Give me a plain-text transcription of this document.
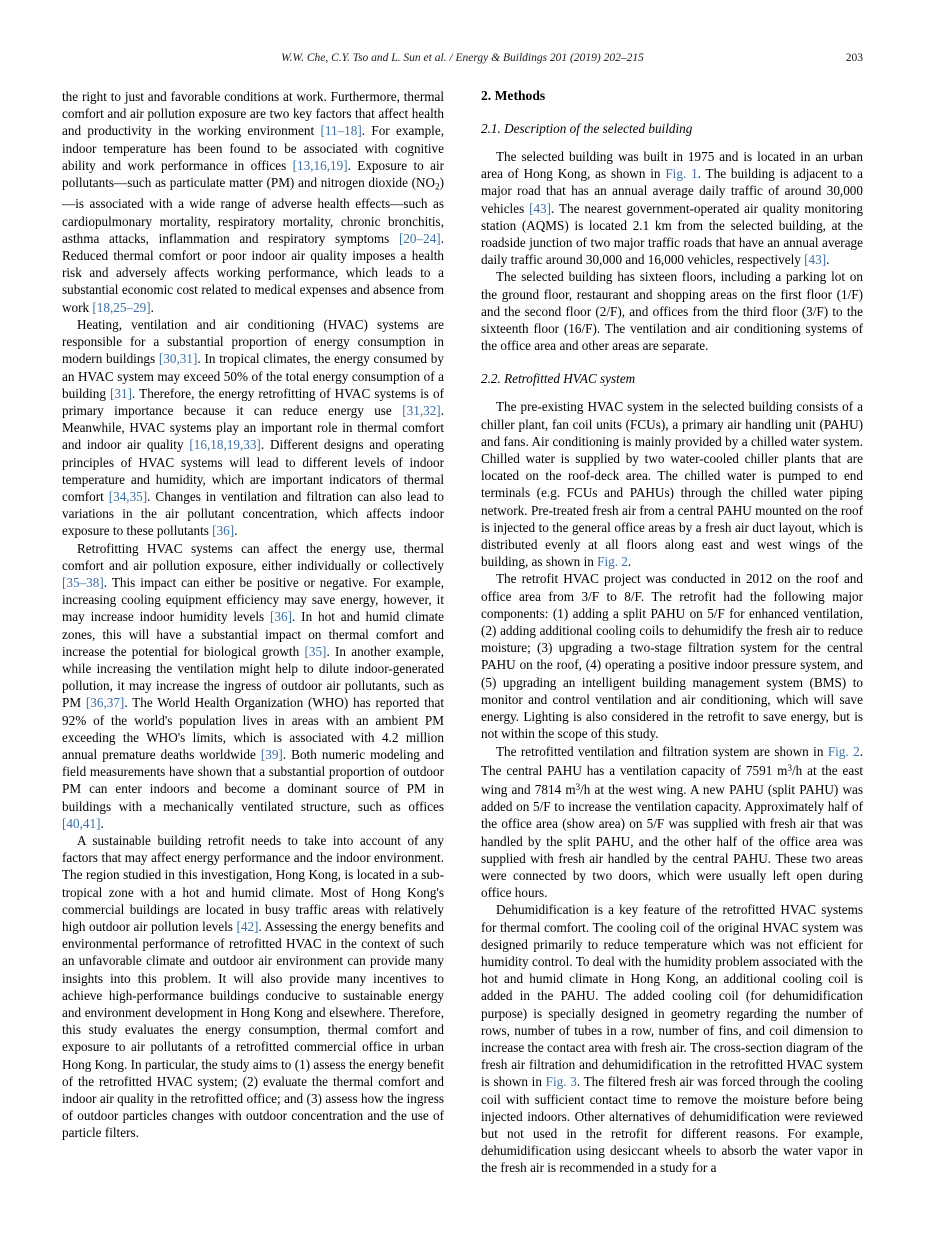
W.W. Che, C.Y. Tso and L. Sun et al. / Energy & Buildings 201 (2019) 202–215	203

the right to just and favorable conditions at work. Furthermore, thermal comfort and air pollution exposure are two key factors that affect health and productivity in the working environment [11–18]. For example, indoor temperature has been found to be associated with cognitive ability and work performance in offices [13,16,19]. Exposure to air pollutants—such as particulate matter (PM) and nitrogen dioxide $(NO_2)—is$ associated with a wide range of adverse health effects—such as cardiopulmonary mortality, respiratory mortality, chronic bronchitis, asthma attacks, inflammation and respiratory symptoms [20–24]. Reduced thermal comfort or poor indoor air quality imposes a health risk and adversely affects working performance, which leads to a substantial economic cost related to medical expenses and absence from work [18,25–29].

Heating, ventilation and air conditioning (HVAC) systems are responsible for a substantial proportion of energy consumption in modern buildings [30,31]. In tropical climates, the energy consumed by an HVAC system may exceed 50% of the total energy consumption of a building [31]. Therefore, the energy retrofitting of HVAC systems is of primary importance because it can reduce energy use [31,32]. Meanwhile, HVAC systems play an important role in thermal comfort and indoor air quality [16,18,19,33]. Different designs and operating principles of HVAC systems will lead to different levels of indoor temperature and humidity, which are important indicators of thermal comfort [34,35]. Changes in ventilation and filtration can also lead to variations in the air pollutant concentration, which affects indoor exposure to these pollutants [36].

Retrofitting HVAC systems can affect the energy use, thermal comfort and air pollution exposure, either individually or collectively [35–38]. This impact can either be positive or negative. For example, increasing cooling equipment efficiency may save energy, however, it may increase indoor humidity levels [36]. In hot and humid climate zones, this will have a substantial impact on thermal comfort and increase the potential for biological growth [35]. In another example, while increasing the ventilation might help to dilute indoor-generated pollution, it may increase the ingress of outdoor air pollutants, such as PM [36,37]. The World Health Organization (WHO) has reported that 92% of the world's population lives in areas with an ambient PM exceeding the WHO's limits, which is associated with 4.2 million annual premature deaths worldwide [39]. Both numeric modeling and field measurements have shown that a substantial proportion of outdoor PM can enter indoors and become a dominant source of PM in buildings with a mechanically ventilated structure, such as offices [40,41].

A sustainable building retrofit needs to take into account of any factors that may affect energy performance and the indoor environment. The region studied in this investigation, Hong Kong, is located in a sub-tropical zone with a hot and humid climate. Most of Hong Kong's commercial buildings are located in busy traffic areas with relatively high outdoor air pollution levels [42]. Assessing the energy benefits and environmental performance of retrofitted HVAC in the context of such an unfavorable climate and outdoor air environment can provide many insights into this problem. It will also provide many incentives to achieve high-performance buildings conducive to sustainable energy and environment development in Hong Kong and elsewhere. Therefore, this study evaluates the energy consumption, thermal comfort and exposure to air pollutants of a retrofitted commercial office in urban Hong Kong. In particular, the study aims to (1) assess the energy benefit of the retrofitted HVAC system; (2) evaluate the thermal comfort and indoor air quality in the retrofitted office; and (3) assess how the ingress of outdoor particles changes with outdoor concentration and the use of particle filters.

2. Methods
2.1. Description of the selected building

The selected building was built in 1975 and is located in an urban area of Hong Kong, as shown in Fig. 1. The building is adjacent to a major road that has an annual average daily traffic of around 30,000 vehicles [43]. The nearest government-operated air quality monitoring station (AQMS) is located 2.1 km from the selected building, at the roadside junction of two major traffic roads that have an annual average daily traffic around 30,000 and 16,000 vehicles, respectively [43].

The selected building has sixteen floors, including a parking lot on the ground floor, restaurant and shopping areas on the first floor (1/F) and the second floor (2/F), and offices from the third floor (3/F) to the sixteenth floor (16/F). The ventilation and air conditioning systems of the office area and other areas are separate.

2.2. Retrofitted HVAC system

The pre-existing HVAC system in the selected building consists of a chiller plant, fan coil units (FCUs), a primary air handling unit (PAHU) and fans. Air conditioning is mainly provided by a chilled water system. Chilled water is supplied by two water-cooled chiller plants that are located on the roof-deck area. The chilled water is pumped to end terminals (e.g. FCUs and PAHUs) through the chilled water piping network. Pre-treated fresh air from a central PAHU mounted on the roof is injected to the general office areas by a fresh air duct layout, which is distributed evenly at all floors along east and west wings of the building, as shown in Fig. 2.

The retrofit HVAC project was conducted in 2012 on the roof and office area from 3/F to 8/F. The retrofit had the following major components: (1) adding a split PAHU on 5/F for enhanced ventilation, (2) adding additional cooling coils to dehumidify the fresh air to reduce moisture; (3) upgrading a two-stage filtration system for the central PAHU on the roof, (4) operating a positive indoor pressure system, and (5) upgrading an intelligent building management system (BMS) to monitor and control ventilation and air conditioning, which will save energy. Lighting is also considered in the retrofit to save energy, but is not within the scope of this study.

The retrofitted ventilation and filtration system are shown in Fig. 2. The central PAHU has a ventilation capacity of 7591 $m^3/h$ at the east wing and 7814 $m^3/h$ at the west wing. A new PAHU (split PAHU) was added on 5/F to increase the ventilation capacity. Approximately half of the office area (show area) on 5/F was supplied with fresh air that was handled by the split PAHU, and the other half of the office area was supplied with fresh air handled by the central PAHU. These two areas were connected by two doors, which were usually left open during office hours.

Dehumidification is a key feature of the retrofitted HVAC systems for thermal comfort. The cooling coil of the original HVAC system was designed primarily to reduce temperature which was not efficient for humidity control. To deal with the humidity problem associated with the hot and humid climate in Hong Kong, an additional cooling coil is added in the PAHU. The added cooling coil (for dehumidification purpose) is specially designed in geometry regarding the number of rows, number of tubes in a row, number of fins, and coil dimension to increase the contact area with fresh air. The cross-section diagram of the fresh air filtration and dehumidification in the retrofitted HVAC system is shown in Fig. 3. The filtered fresh air was forced through the cooling coil with sufficient contact time to remove the moisture before being injected indoors. Other alternatives of dehumidification were reviewed but not used in the retrofit for different reasons. For example, dehumidification using desiccant wheels to absorb the water vapor in the fresh air is recommended in a study for a
